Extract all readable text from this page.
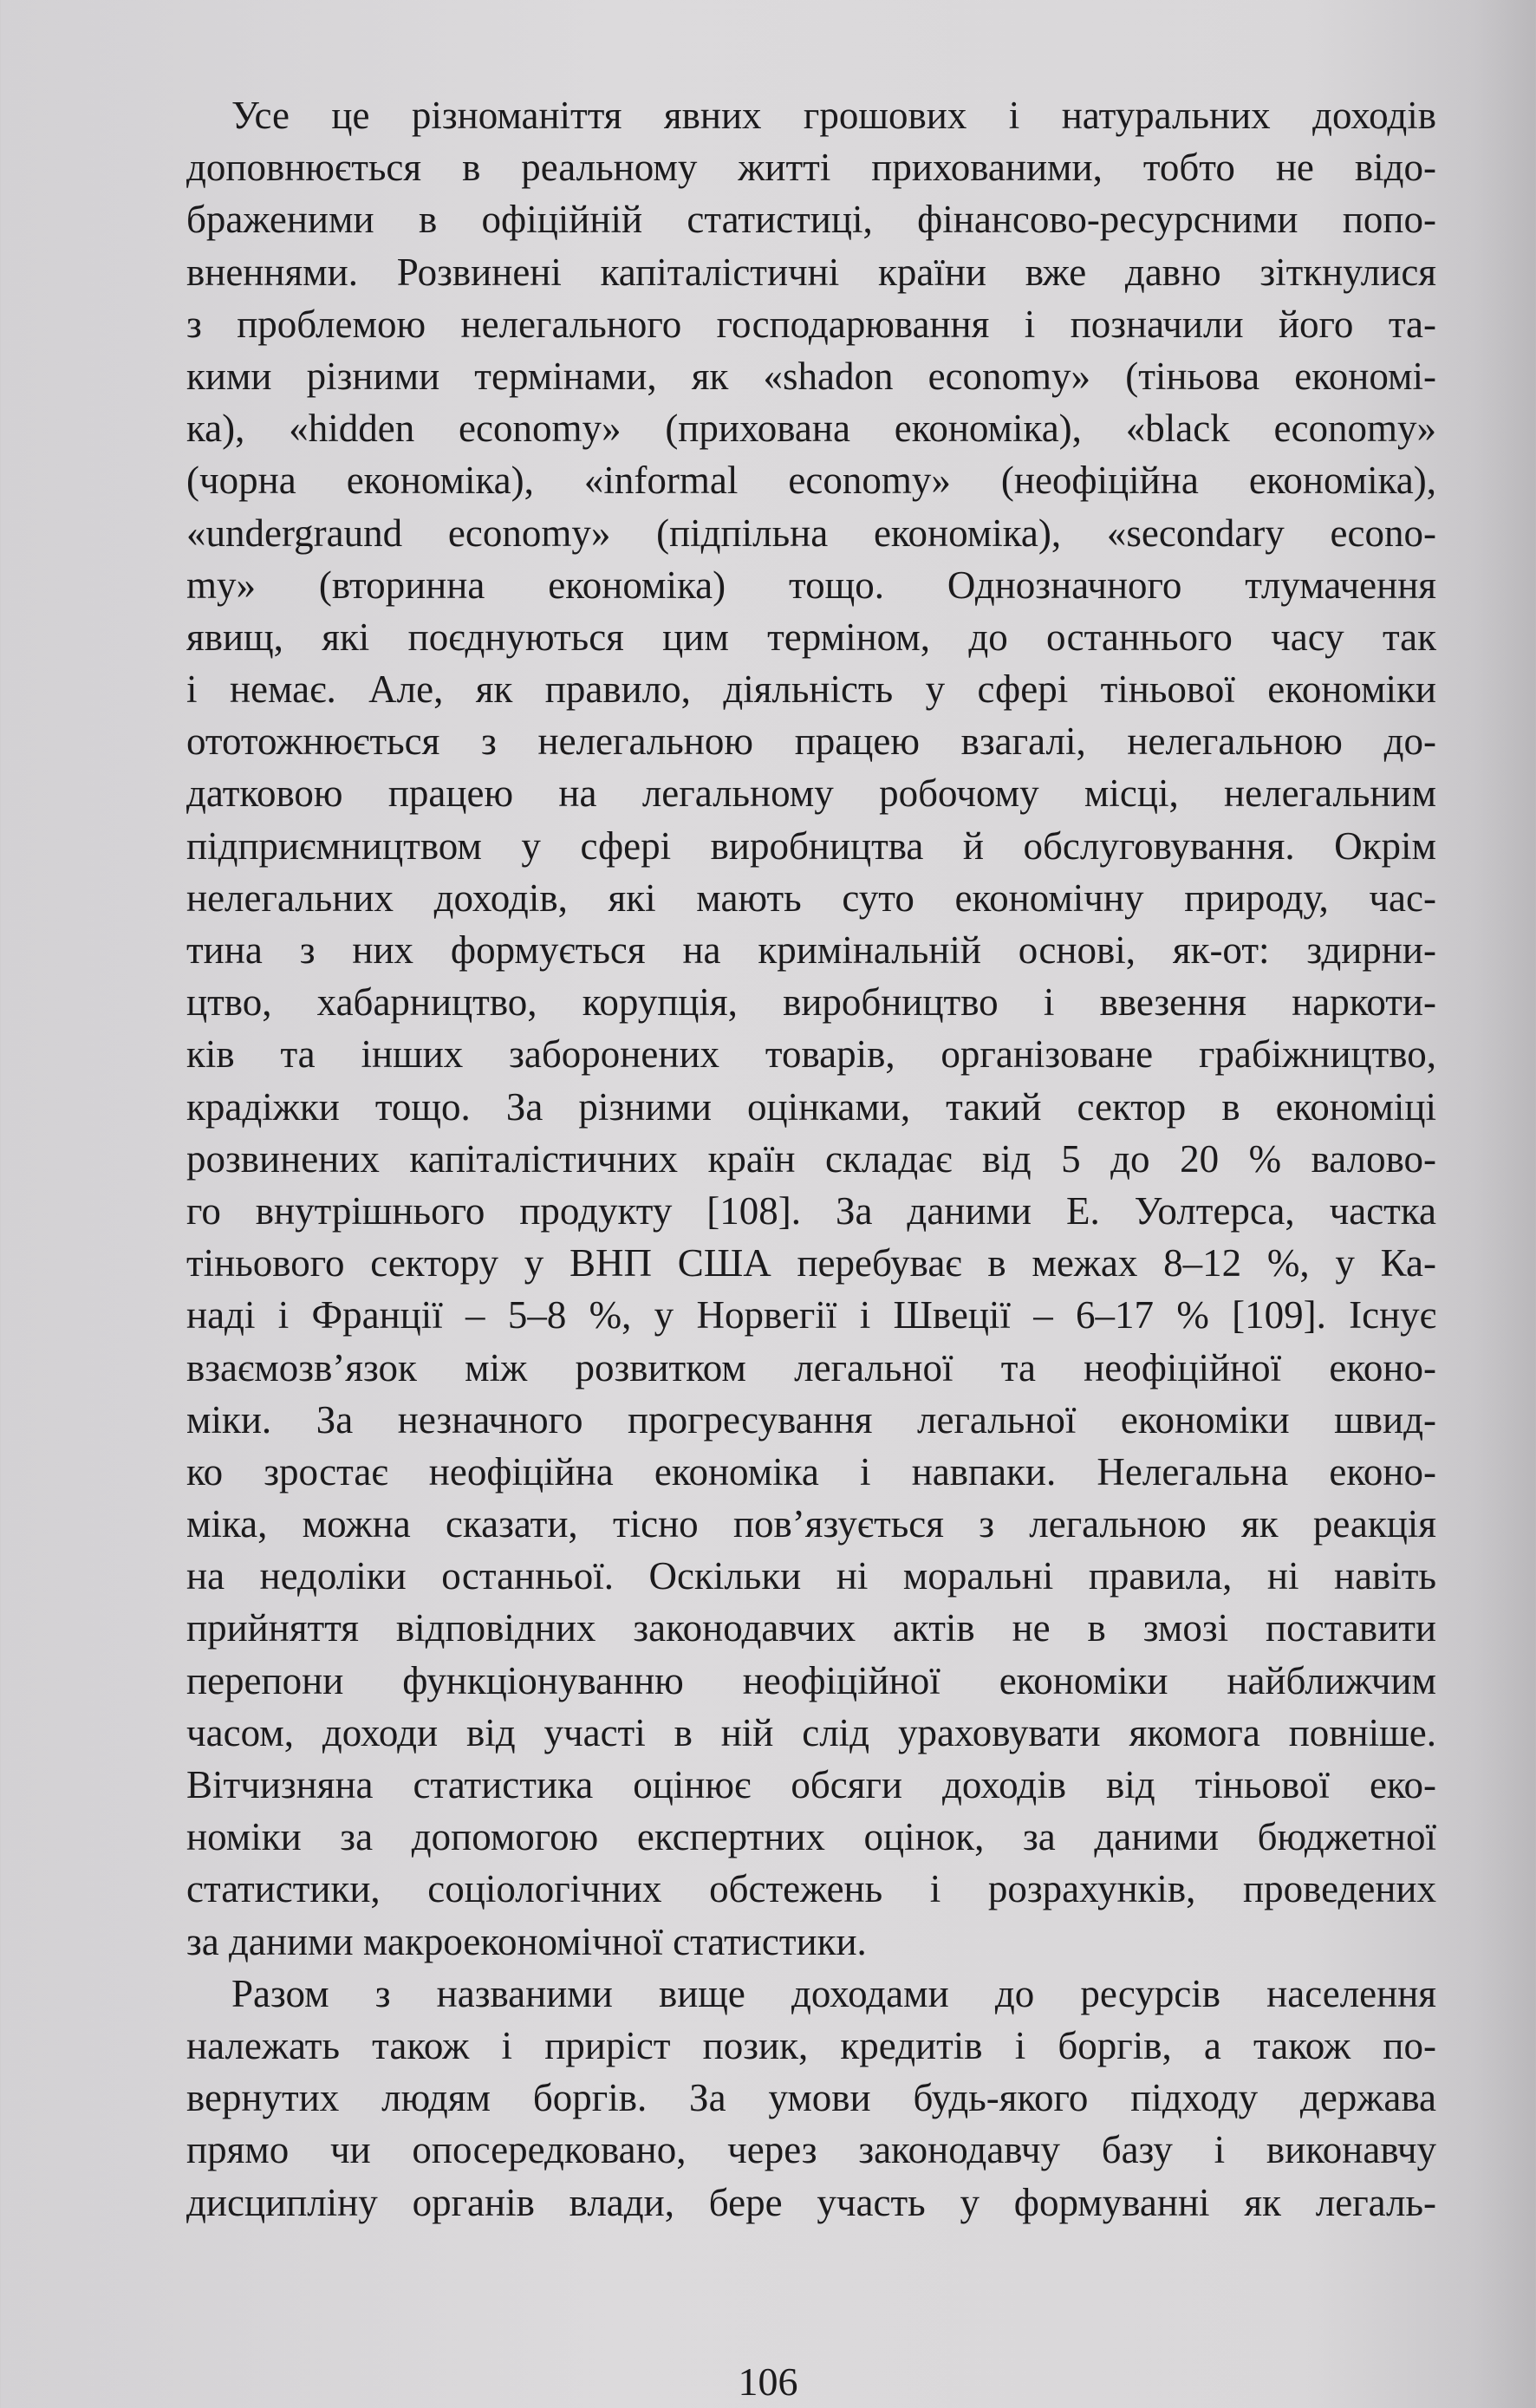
Усе це різноманіття явних грошових і натуральних доходів
доповнюється в реальному житті прихованими, тобто не відо-
браженими в офіційній статистиці, фінансово-ресурсними попо-
вненнями. Розвинені капіталістичні країни вже давно зіткнулися
з проблемою нелегального господарювання і позначили його та-
кими різними термінами, як «shadon economy» (тіньова економі-
ка), «hidden economy» (прихована економіка), «black economy»
(чорна економіка), «informal economy» (неофіційна економіка),
«undergraund economy» (підпільна економіка), «secondary econo-
my» (вторинна економіка) тощо. Однозначного тлумачення
явищ, які поєднуються цим терміном, до останнього часу так
і немає. Але, як правило, діяльність у сфері тіньової економіки
ототожнюється з нелегальною працею взагалі, нелегальною до-
датковою працею на легальному робочому місці, нелегальним
підприємництвом у сфері виробництва й обслуговування. Окрім
нелегальних доходів, які мають суто економічну природу, час-
тина з них формується на кримінальній основі, як-от: здирни-
цтво, хабарництво, корупція, виробництво і ввезення наркоти-
ків та інших заборонених товарів, організоване грабіжництво,
крадіжки тощо. За різними оцінками, такий сектор в економіці
розвинених капіталістичних країн складає від 5 до 20 % валово-
го внутрішнього продукту [108]. За даними Е. Уолтерса, частка
тіньового сектору у ВНП США перебуває в межах 8–12 %, у Ка-
наді і Франції – 5–8 %, у Норвегії і Швеції – 6–17 % [109]. Існує
взаємозв’язок між розвитком легальної та неофіційної еконо-
міки. За незначного прогресування легальної економіки швид-
ко зростає неофіційна економіка і навпаки. Нелегальна еконо-
міка, можна сказати, тісно пов’язується з легальною як реакція
на недоліки останньої. Оскільки ні моральні правила, ні навіть
прийняття відповідних законодавчих актів не в змозі поставити
перепони функціонуванню неофіційної економіки найближчим
часом, доходи від участі в ній слід ураховувати якомога повніше.
Вітчизняна статистика оцінює обсяги доходів від тіньової еко-
номіки за допомогою експертних оцінок, за даними бюджетної
статистики, соціологічних обстежень і розрахунків, проведених
за даними макроекономічної статистики.
Разом з названими вище доходами до ресурсів населення
належать також і приріст позик, кредитів і боргів, а також по-
вернутих людям боргів. За умови будь-якого підходу держава
прямо чи опосередковано, через законодавчу базу і виконавчу
дисципліну органів влади, бере участь у формуванні як легаль-
106
